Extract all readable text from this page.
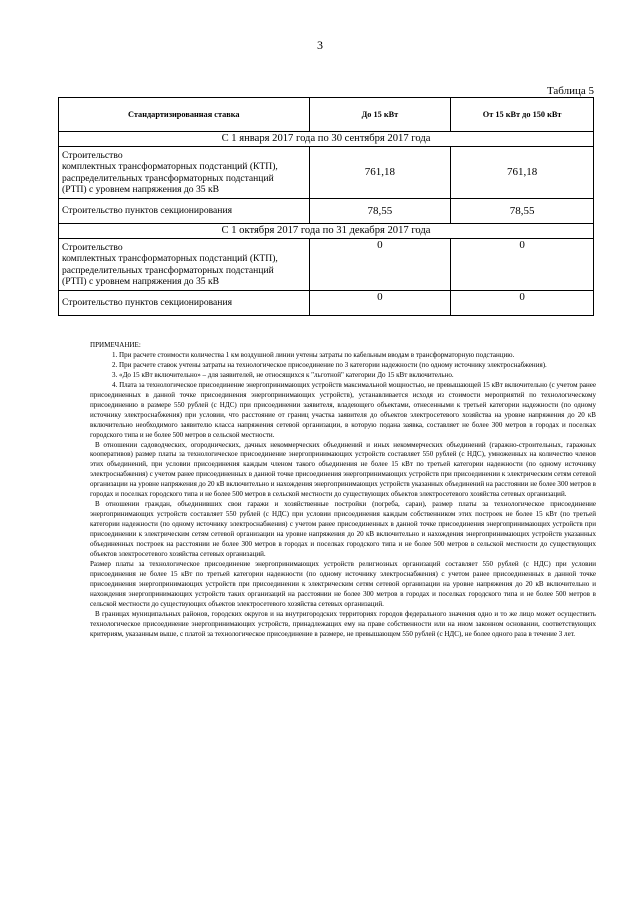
3
Таблица 5
Стандартизированная ставка	До 15 кВт	От 15 кВт до 150 кВт
С 1 января 2017 года по 30 сентября 2017 года		
Строительство
комплектных трансформаторных подстанций (КТП),
распределительных трансформаторных подстанций
(РТП) с уровнем напряжения до 35 кВ	761,18	761,18
Строительство пунктов секционирования	78,55	78,55
С 1 октября 2017 года по 31 декабря 2017 года		
Строительство
комплектных трансформаторных подстанций (КТП),
распределительных трансформаторных подстанций
(РТП) с уровнем напряжения до 35 кВ	0	0
Строительство пунктов секционирования	0	0

ПРИМЕЧАНИЕ:

1. При расчете стоимости количества 1 км воздушной линии учтены затраты по кабельным вводам в трансформаторную подстанцию.

2. При расчете ставок учтены затраты на технологическое присоединение по 3 категории надежности (по одному источнику электроснабжения).

3. «До 15 кВт включительно» – для заявителей, не относящихся к "льготной" категории До 15 кВт включительно.

4. Плата за технологическое присоединение энергопринимающих устройств максимальной мощностью, не превышающей 15 кВт включительно (с учетом ранее присоединенных в данной точке присоединения энергопринимающих устройств), устанавливается исходя из стоимости мероприятий по технологическому присоединению в размере 550 рублей (с НДС) при присоединении заявителя, владеющего объектами, отнесенными к третьей категории надежности (по одному источнику электроснабжения) при условии, что расстояние от границ участка заявителя до объектов электросетевого хозяйства на уровне напряжения до 20 кВ включительно необходимого заявителю класса напряжения сетевой организации, в которую подана заявка, составляет не более 300 метров в городах и поселках городского типа и не более 500 метров в сельской местности.

В отношении садоводческих, огороднических, дачных некоммерческих объединений и иных некоммерческих объединений (гаражно-строительных, гаражных кооперативов) размер платы за технологическое присоединение энергопринимающих устройств составляет 550 рублей (с НДС), умноженных на количество членов этих объединений, при условии присоединения каждым членом такого объединения не более 15 кВт по третьей категории надежности (по одному источнику электроснабжения) с учетом ранее присоединенных в данной точке присоединения энергопринимающих устройств при присоединении к электрическим сетям сетевой организации на уровне напряжения до 20 кВ включительно и нахождения энергопринимающих устройств указанных объединений на расстоянии не более 300 метров в городах и поселках городского типа и не более 500 метров в сельской местности до существующих объектов электросетевого хозяйства сетевых организаций.

В отношении граждан, объединивших свои гаражи и хозяйственные постройки (погреба, сараи), размер платы за технологическое присоединение энергопринимающих устройств составляет 550 рублей (с НДС) при условии присоединения каждым собственником этих построек не более 15 кВт (по третьей категории надежности (по одному источнику электроснабжения) с учетом ранее присоединенных в данной точке присоединения энергопринимающих устройств при присоединении к электрическим сетям сетевой организации на уровне напряжения до 20 кВ включительно и нахождения энергопринимающих устройств указанных объединенных построек на расстоянии не более 300 метров в городах и поселках городского типа и не более 500 метров в сельской местности до существующих объектов электросетевого хозяйства сетевых организаций.

Размер платы за технологическое присоединение энергопринимающих устройств религиозных организаций составляет 550 рублей (с НДС) при условии присоединения не более 15 кВт по третьей категории надежности (по одному источнику электроснабжения) с учетом ранее присоединенных в данной точке присоединения энергопринимающих устройств при присоединении к электрическим сетям сетевой организации на уровне напряжения до 20 кВ включительно и нахождения энергопринимающих устройств таких организаций на расстоянии не более 300 метров в городах и поселках городского типа и не более 500 метров в сельской местности до существующих объектов электросетевого хозяйства сетевых организаций.

В границах муниципальных районов, городских округов и на внутригородских территориях городов федерального значения одно и то же лицо может осуществить технологическое присоединение энергопринимающих устройств, принадлежащих ему на праве собственности или на ином законном основании, соответствующих критериям, указанным выше, с платой за технологическое присоединение в размере, не превышающем 550 рублей (с НДС), не более одного раза в течение 3 лет.
